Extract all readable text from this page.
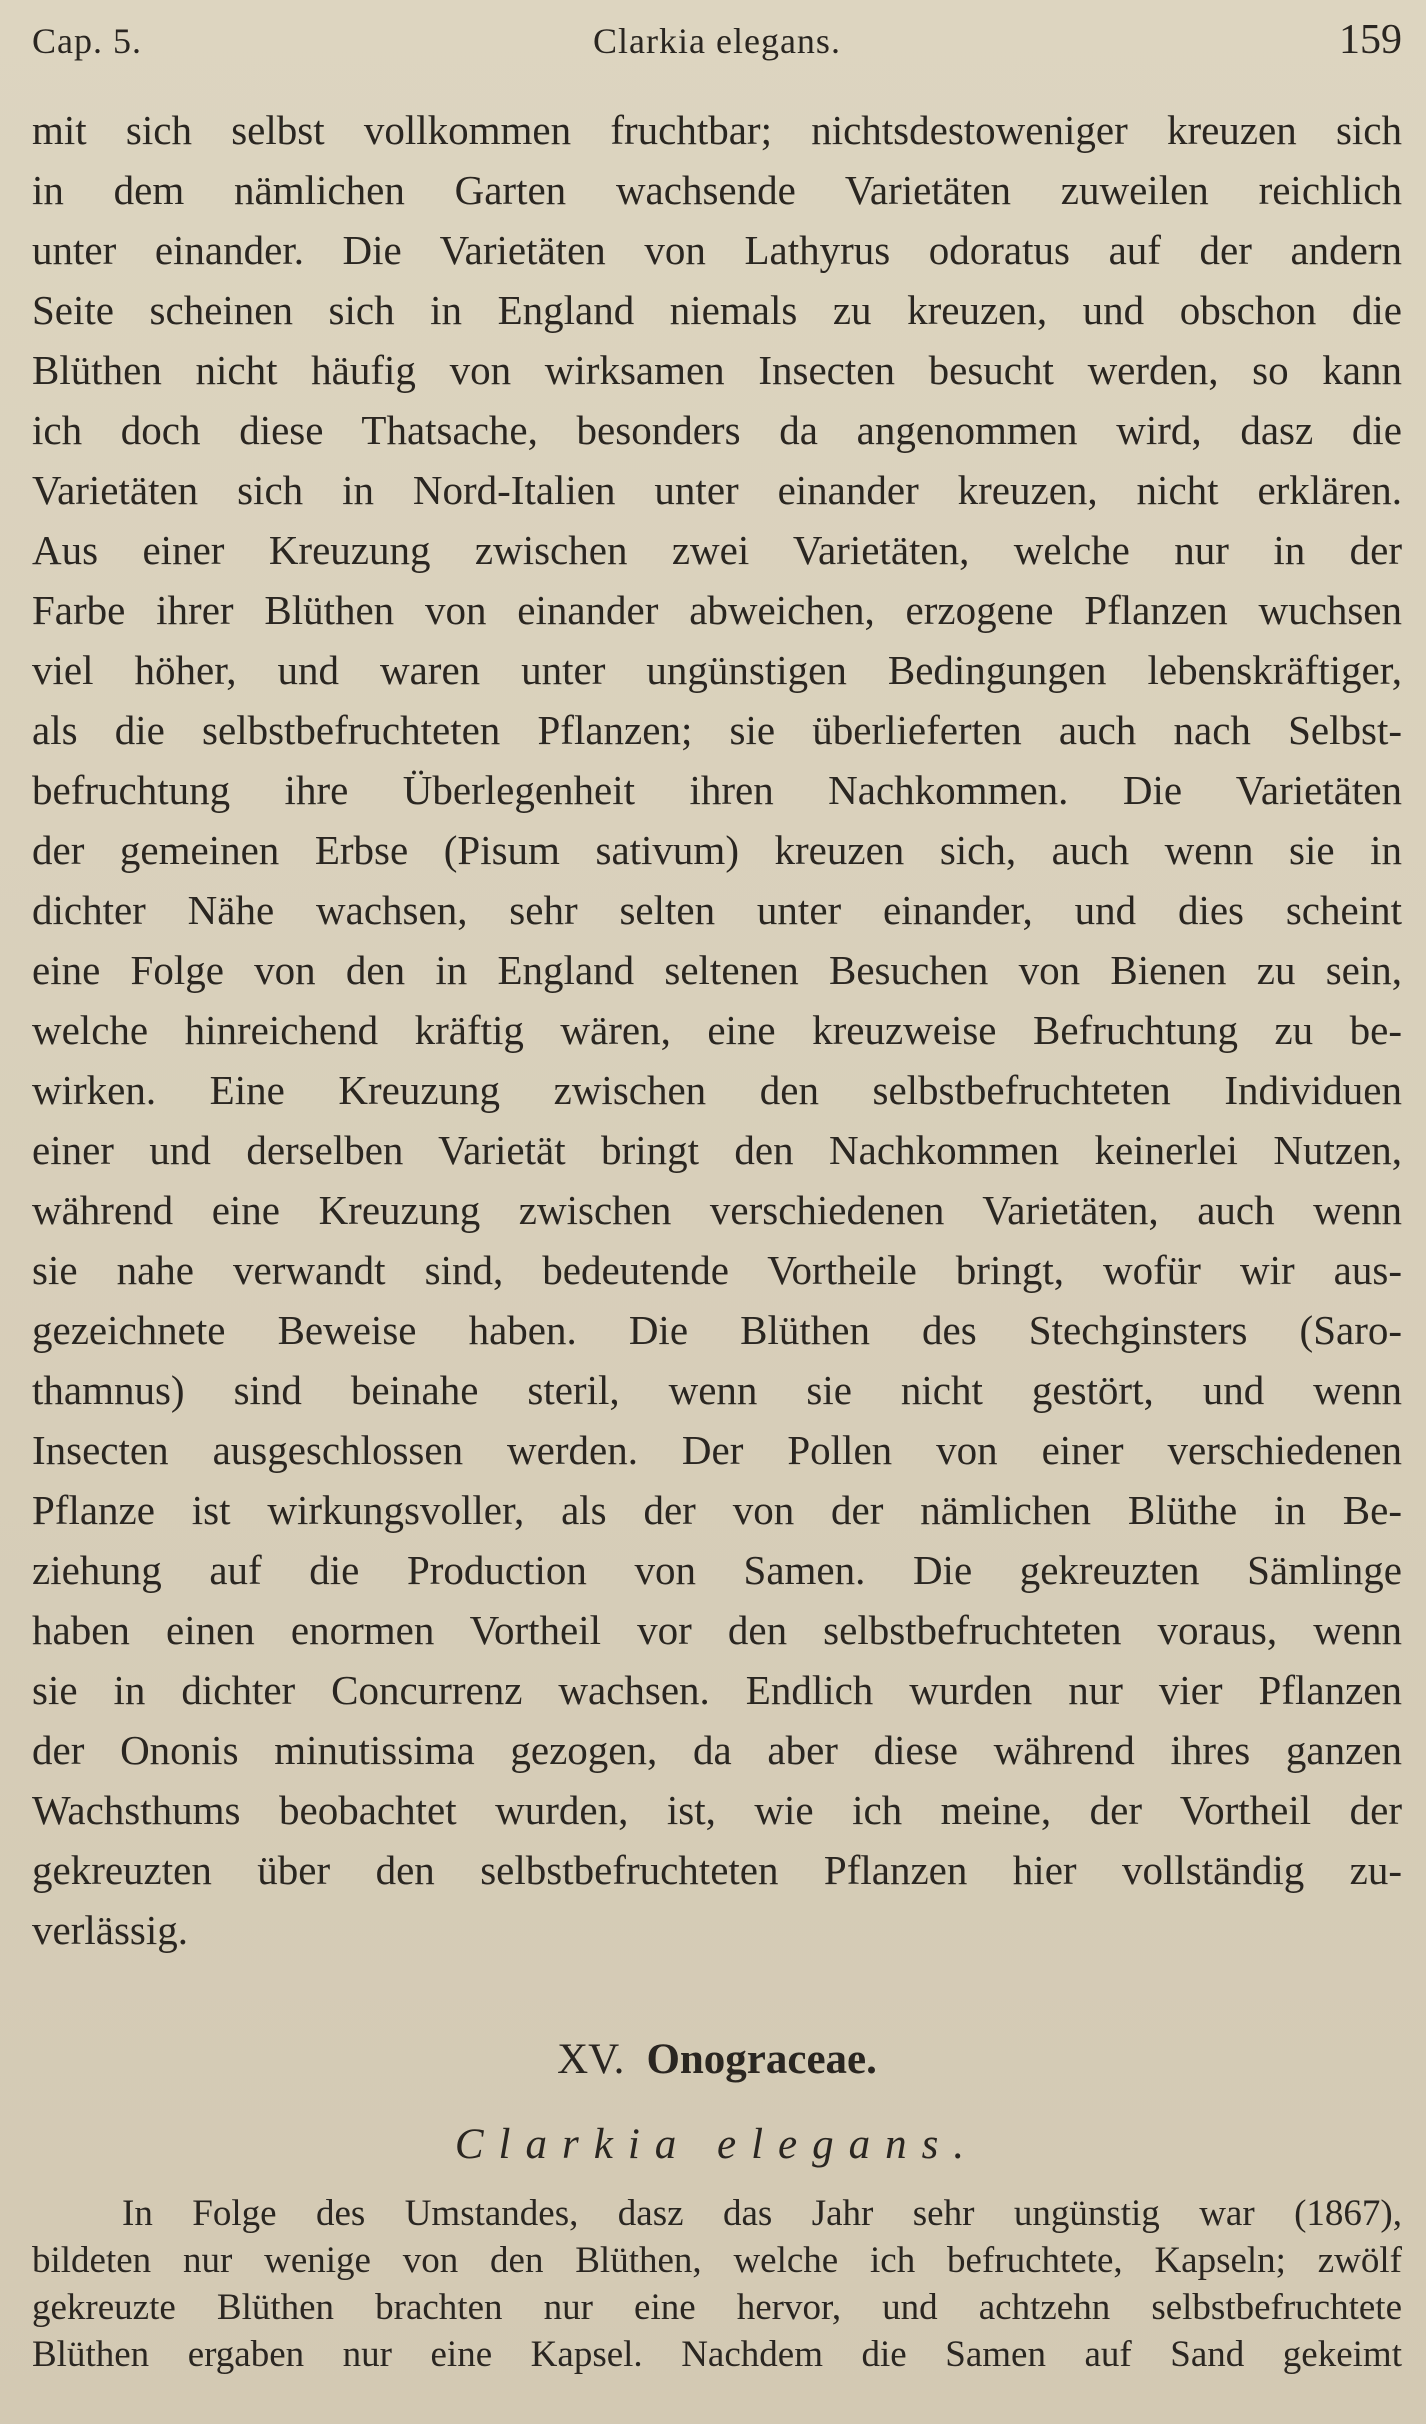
Cap. 5.	Clarkia elegans.	159
mit sich selbst vollkommen fruchtbar; nichtsdestoweniger kreuzen sich
in dem nämlichen Garten wachsende Varietäten zuweilen reichlich
unter einander. Die Varietäten von Lathyrus odoratus auf der andern
Seite scheinen sich in England niemals zu kreuzen, und obschon die
Blüthen nicht häufig von wirksamen Insecten besucht werden, so kann
ich doch diese Thatsache, besonders da angenommen wird, dasz die
Varietäten sich in Nord-Italien unter einander kreuzen, nicht erklären.
Aus einer Kreuzung zwischen zwei Varietäten, welche nur in der
Farbe ihrer Blüthen von einander abweichen, erzogene Pflanzen wuchsen
viel höher, und waren unter ungünstigen Bedingungen lebenskräftiger,
als die selbstbefruchteten Pflanzen; sie überlieferten auch nach Selbst-
befruchtung ihre Überlegenheit ihren Nachkommen. Die Varietäten
der gemeinen Erbse (Pisum sativum) kreuzen sich, auch wenn sie in
dichter Nähe wachsen, sehr selten unter einander, und dies scheint
eine Folge von den in England seltenen Besuchen von Bienen zu sein,
welche hinreichend kräftig wären, eine kreuzweise Befruchtung zu be-
wirken. Eine Kreuzung zwischen den selbstbefruchteten Individuen
einer und derselben Varietät bringt den Nachkommen keinerlei Nutzen,
während eine Kreuzung zwischen verschiedenen Varietäten, auch wenn
sie nahe verwandt sind, bedeutende Vortheile bringt, wofür wir aus-
gezeichnete Beweise haben. Die Blüthen des Stechginsters (Saro-
thamnus) sind beinahe steril, wenn sie nicht gestört, und wenn
Insecten ausgeschlossen werden. Der Pollen von einer verschiedenen
Pflanze ist wirkungsvoller, als der von der nämlichen Blüthe in Be-
ziehung auf die Production von Samen. Die gekreuzten Sämlinge
haben einen enormen Vortheil vor den selbstbefruchteten voraus, wenn
sie in dichter Concurrenz wachsen. Endlich wurden nur vier Pflanzen
der Ononis minutissima gezogen, da aber diese während ihres ganzen
Wachsthums beobachtet wurden, ist, wie ich meine, der Vortheil der
gekreuzten über den selbstbefruchteten Pflanzen hier vollständig zu-
verlässig.
XV. Onograceae.
Clarkia elegans.
In Folge des Umstandes, dasz das Jahr sehr ungünstig war (1867),
bildeten nur wenige von den Blüthen, welche ich befruchtete, Kapseln; zwölf
gekreuzte Blüthen brachten nur eine hervor, und achtzehn selbstbefruchtete
Blüthen ergaben nur eine Kapsel. Nachdem die Samen auf Sand gekeimt
